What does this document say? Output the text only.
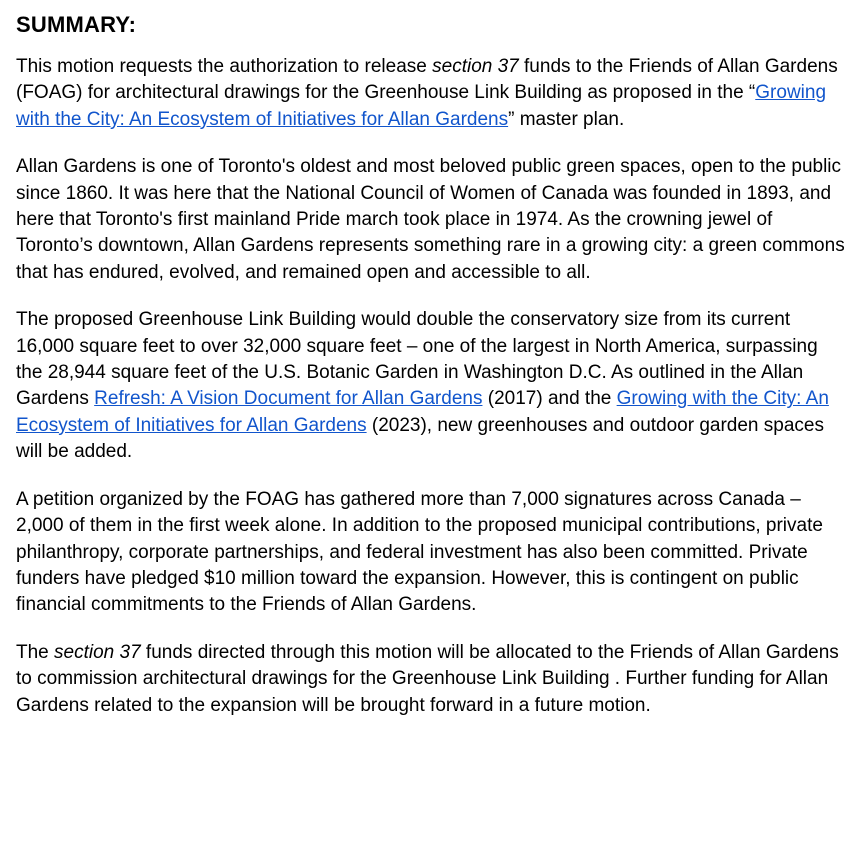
SUMMARY:

This motion requests the authorization to release section 37 funds to the Friends of Allan Gardens (FOAG) for architectural drawings for the Greenhouse Link Building as proposed in the “Growing with the City: An Ecosystem of Initiatives for Allan Gardens” master plan.

Allan Gardens is one of Toronto's oldest and most beloved public green spaces, open to the public since 1860. It was here that the National Council of Women of Canada was founded in 1893, and here that Toronto's first mainland Pride march took place in 1974. As the crowning jewel of Toronto’s downtown, Allan Gardens represents something rare in a growing city: a green commons that has endured, evolved, and remained open and accessible to all.

The proposed Greenhouse Link Building would double the conservatory size from its current 16,000 square feet to over 32,000 square feet – one of the largest in North America, surpassing the 28,944 square feet of the U.S. Botanic Garden in Washington D.C. As outlined in the Allan Gardens Refresh: A Vision Document for Allan Gardens (2017) and the Growing with the City: An Ecosystem of Initiatives for Allan Gardens (2023), new greenhouses and outdoor garden spaces will be added.

A petition organized by the FOAG has gathered more than 7,000 signatures across Canada – 2,000 of them in the first week alone. In addition to the proposed municipal contributions, private philanthropy, corporate partnerships, and federal investment has also been committed. Private funders have pledged $10 million toward the expansion. However, this is contingent on public financial commitments to the Friends of Allan Gardens.

The section 37 funds directed through this motion will be allocated to the Friends of Allan Gardens to commission architectural drawings for the Greenhouse Link Building . Further funding for Allan Gardens related to the expansion will be brought forward in a future motion.
